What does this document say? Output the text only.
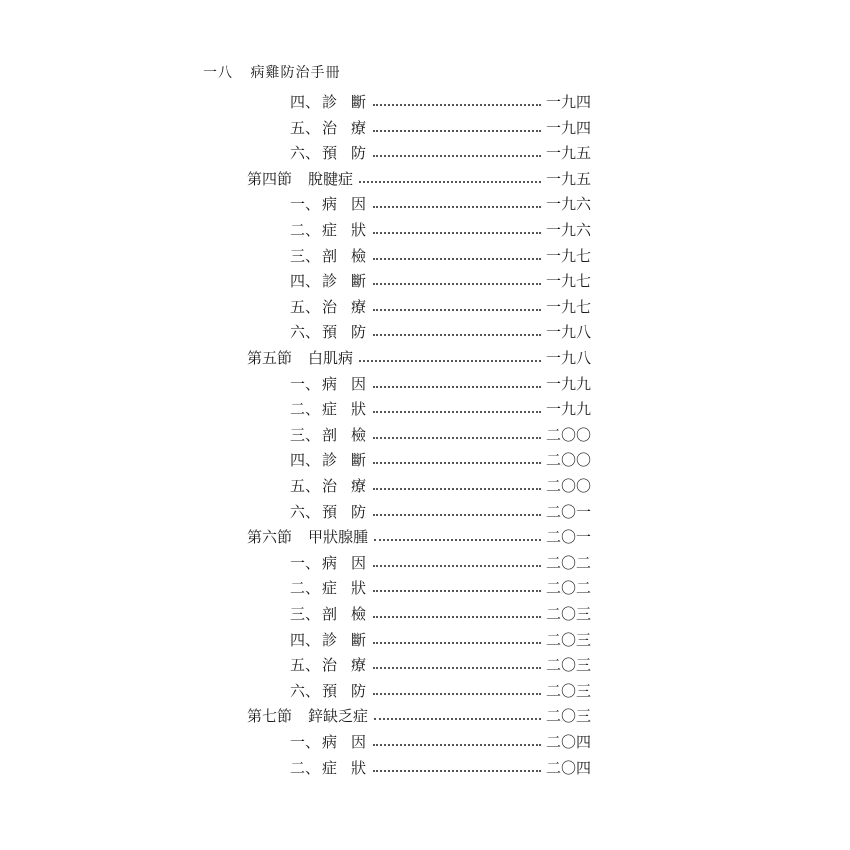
一八 病雞防治手冊
四、 診 斷	一九四
五、 治 療	一九四
六、 預 防	一九五
第四節 脫腱症	一九五
一、 病 因	一九六
二、 症 狀	一九六
三、 剖 檢	一九七
四、 診 斷	一九七
五、 治 療	一九七
六、 預 防	一九八
第五節 白肌病	一九八
一、 病 因	一九九
二、 症 狀	一九九
三、 剖 檢	二〇〇
四、 診 斷	二〇〇
五、 治 療	二〇〇
六、 預 防	二〇一
第六節 甲狀腺腫	二〇一
一、 病 因	二〇二
二、 症 狀	二〇二
三、 剖 檢	二〇三
四、 診 斷	二〇三
五、 治 療	二〇三
六、 預 防	二〇三
第七節 鋅缺乏症	二〇三
一、 病 因	二〇四
二、 症 狀	二〇四
